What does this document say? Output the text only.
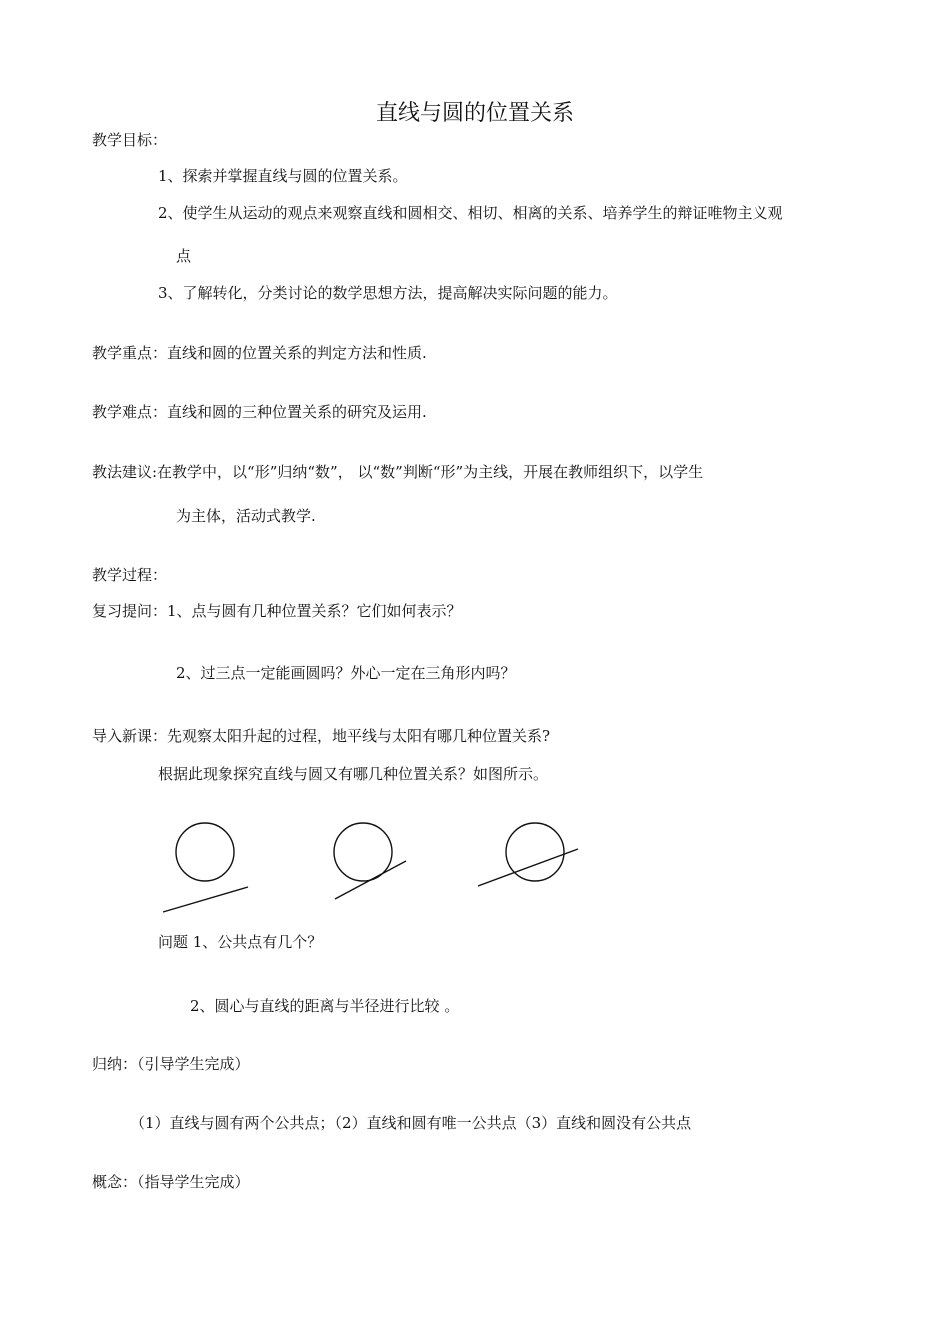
直线与圆的位置关系
教学目标：
1、探索并掌握直线与圆的位置关系。
2、使学生从运动的观点来观察直线和圆相交、相切、相离的关系、培养学生的辩证唯物主义观
点
3、了解转化，分类讨论的数学思想方法，提高解决实际问题的能力。
教学重点：直线和圆的位置关系的判定方法和性质.
教学难点：直线和圆的三种位置关系的研究及运用.
教法建议:在教学中，以“形”归纳“数”， 以“数”判断“形”为主线，开展在教师组织下，以学生
为主体，活动式教学.
教学过程：
复习提问：1、点与圆有几种位置关系？它们如何表示？
2、过三点一定能画圆吗？外心一定在三角形内吗？
导入新课：先观察太阳升起的过程，地平线与太阳有哪几种位置关系?
根据此现象探究直线与圆又有哪几种位置关系？如图所示。
问题 1、公共点有几个？
2、圆心与直线的距离与半径进行比较 。
归纳：（引导学生完成）
（1）直线与圆有两个公共点；（2）直线和圆有唯一公共点（3）直线和圆没有公共点
概念：（指导学生完成）
